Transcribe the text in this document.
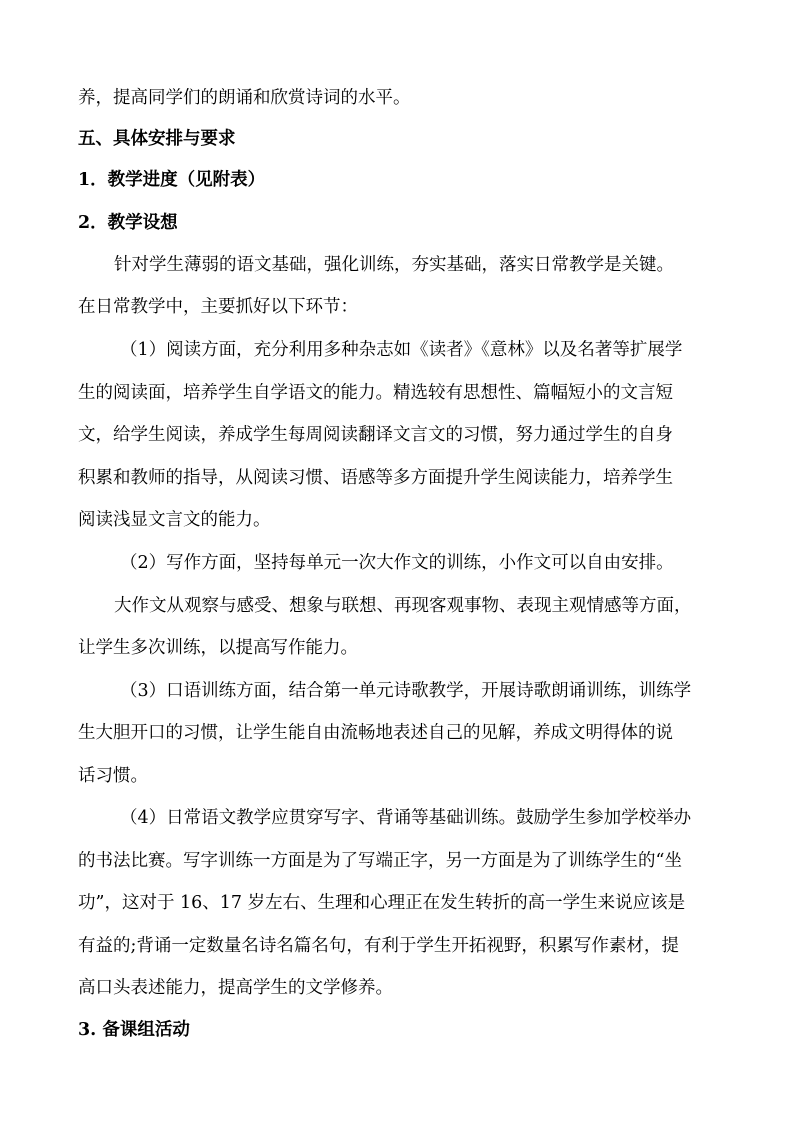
养，提高同学们的朗诵和欣赏诗词的水平。
五、具体安排与要求
1．教学进度（见附表）
2．教学设想
针对学生薄弱的语文基础，强化训练，夯实基础，落实日常教学是关键。
在日常教学中，主要抓好以下环节：
（1）阅读方面，充分利用多种杂志如《读者》《意林》以及名著等扩展学
生的阅读面，培养学生自学语文的能力。精选较有思想性、篇幅短小的文言短
文，给学生阅读，养成学生每周阅读翻译文言文的习惯，努力通过学生的自身
积累和教师的指导，从阅读习惯、语感等多方面提升学生阅读能力，培养学生
阅读浅显文言文的能力。
（2）写作方面，坚持每单元一次大作文的训练，小作文可以自由安排。
大作文从观察与感受、想象与联想、再现客观事物、表现主观情感等方面，
让学生多次训练，以提高写作能力。
（3）口语训练方面，结合第一单元诗歌教学，开展诗歌朗诵训练，训练学
生大胆开口的习惯，让学生能自由流畅地表述自己的见解，养成文明得体的说
话习惯。
（4）日常语文教学应贯穿写字、背诵等基础训练。鼓励学生参加学校举办
的书法比赛。写字训练一方面是为了写端正字，另一方面是为了训练学生的“坐
功”，这对于 16、17 岁左右、生理和心理正在发生转折的高一学生来说应该是
有益的;背诵一定数量名诗名篇名句，有利于学生开拓视野，积累写作素材，提
高口头表述能力，提高学生的文学修养。
3. 备课组活动
